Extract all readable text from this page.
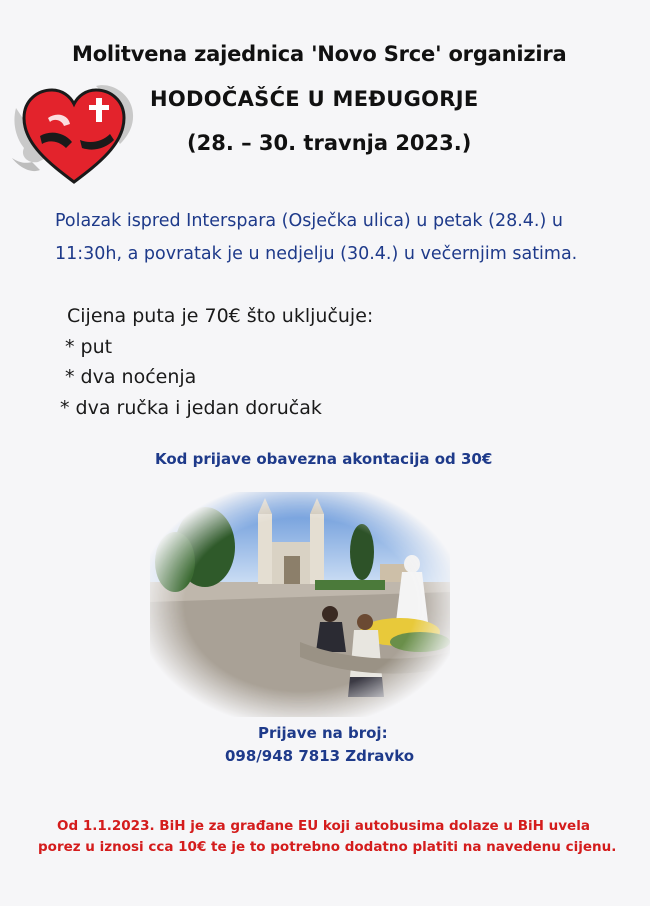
Molitvena zajednica 'Novo Srce' organizira
HODOČAŠĆE U MEĐUGORJE
(28. – 30. travnja 2023.)
Polazak ispred Interspara (Osječka ulica) u petak (28.4.) u
11:30h, a povratak je u nedjelju (30.4.) u večernjim satima.
Cijena puta je 70€ što uključuje:
* put
* dva noćenja
* dva ručka i jedan doručak
Kod prijave obavezna akontacija od 30€
Prijave na broj:
098/948 7813 Zdravko
Od 1.1.2023. BiH je za građane EU koji autobusima dolaze u BiH uvela
porez u iznosi cca 10€ te je to potrebno dodatno platiti na navedenu cijenu.
